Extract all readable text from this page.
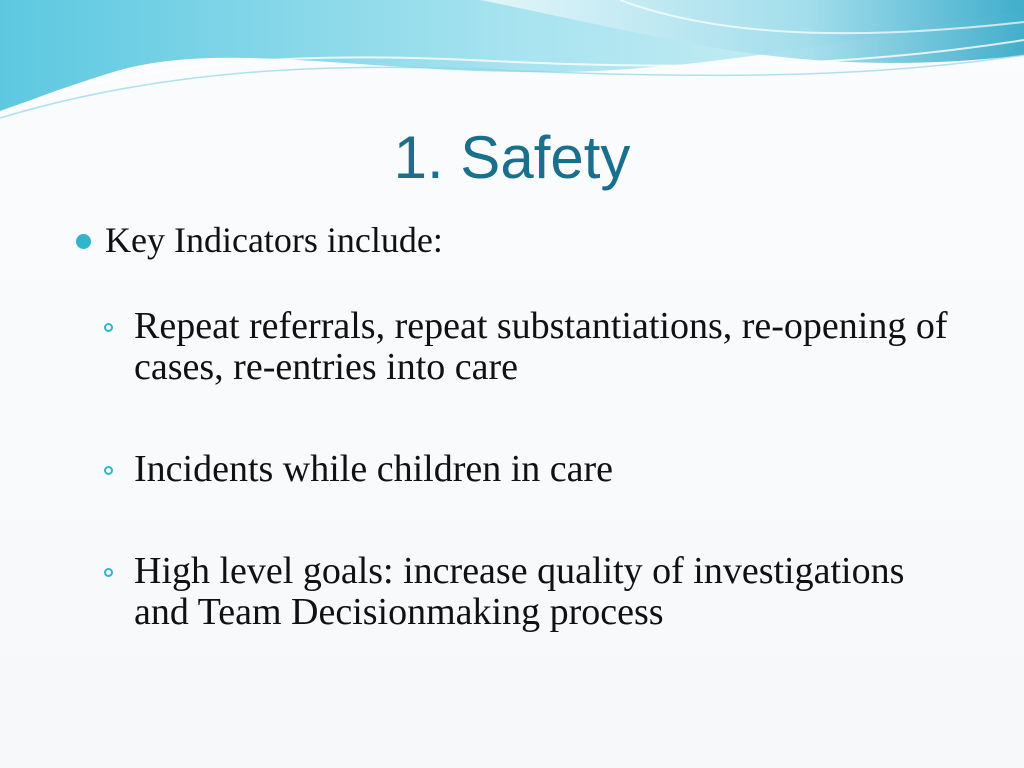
1. Safety
Key Indicators include:
Repeat referrals, repeat substantiations, re-opening of cases, re-entries into care
Incidents while children in care
High level goals: increase quality of investigations and Team Decisionmaking process
